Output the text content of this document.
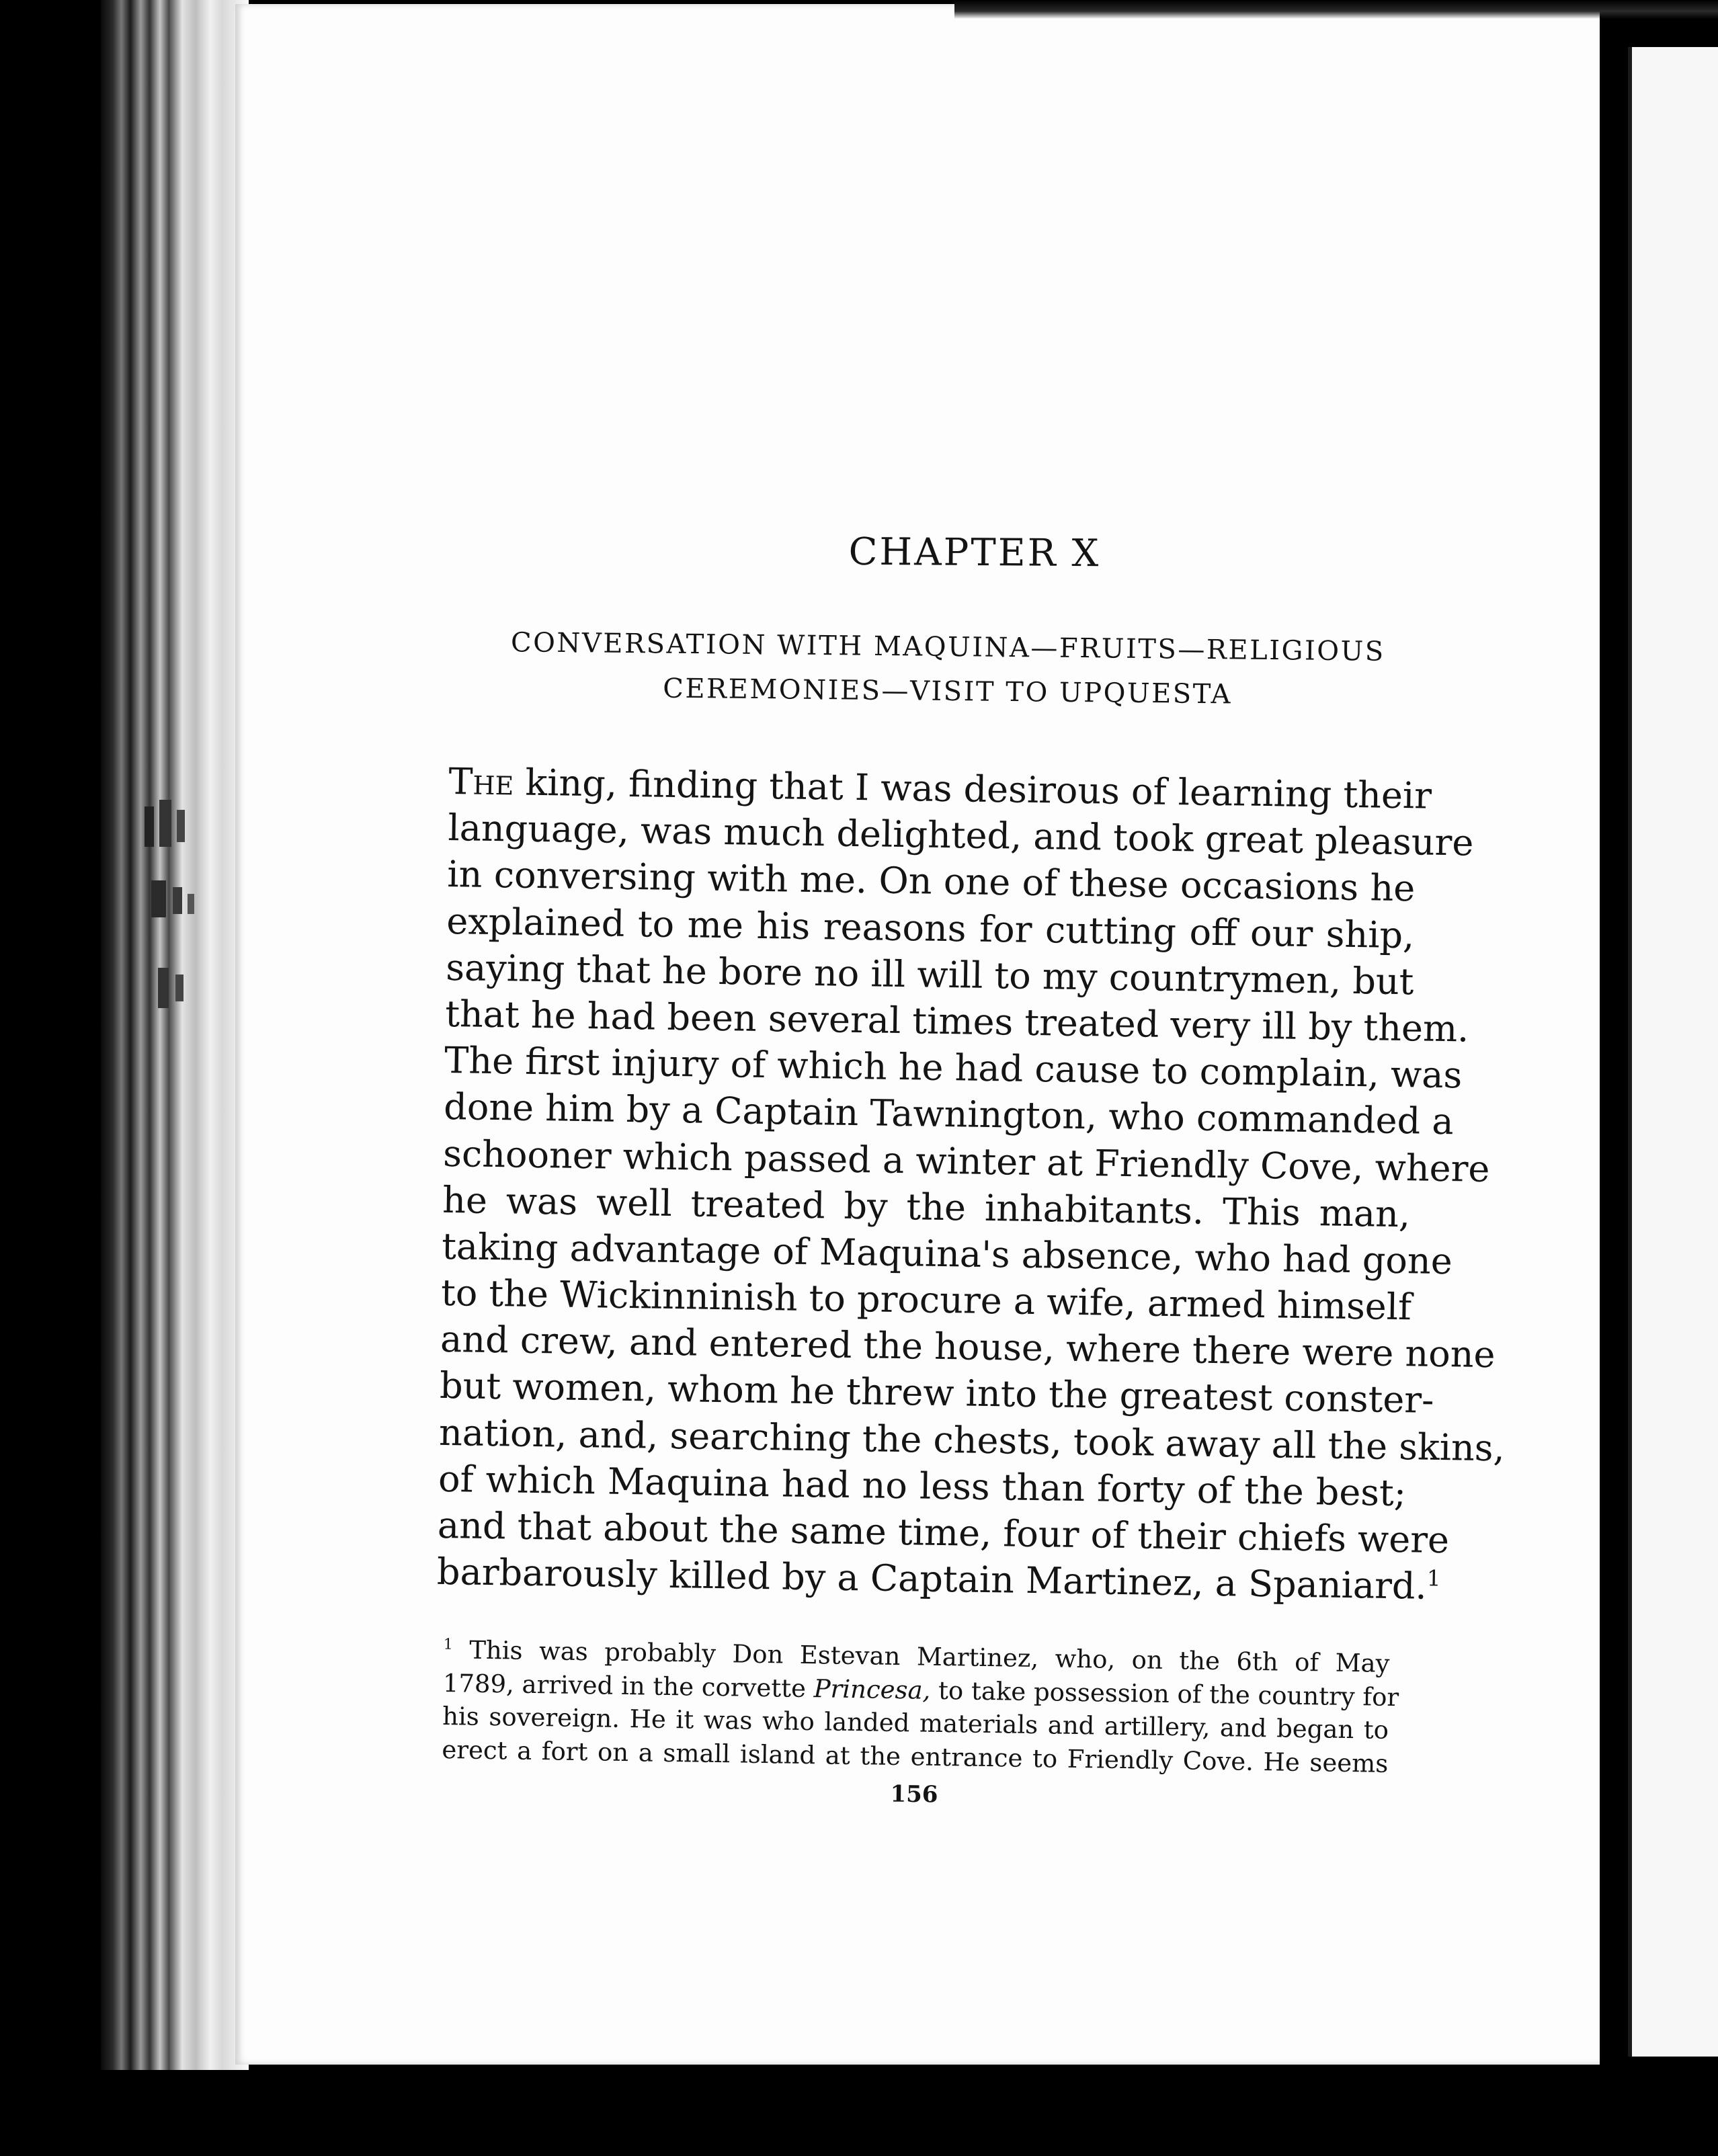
CHAPTER X
CONVERSATION WITH MAQUINA—FRUITS—RELIGIOUS
CEREMONIES—VISIT TO UPQUESTA
The king, finding that I was desirous of learning their
language, was much delighted, and took great pleasure
in conversing with me. On one of these occasions he
explained to me his reasons for cutting off our ship,
saying that he bore no ill will to my countrymen, but
that he had been several times treated very ill by them.
The first injury of which he had cause to complain, was
done him by a Captain Tawnington, who commanded a
schooner which passed a winter at Friendly Cove, where
he was well treated by the inhabitants. This man,
taking advantage of Maquina's absence, who had gone
to the Wickinninish to procure a wife, armed himself
and crew, and entered the house, where there were none
but women, whom he threw into the greatest conster-
nation, and, searching the chests, took away all the skins,
of which Maquina had no less than forty of the best;
and that about the same time, four of their chiefs were
barbarously killed by a Captain Martinez, a Spaniard.$^1$
$^1$ This was probably Don Estevan Martinez, who, on the 6th of May
1789, arrived in the corvette Princesa, to take possession of the country for
his sovereign. He it was who landed materials and artillery, and began to
erect a fort on a small island at the entrance to Friendly Cove. He seems
156
